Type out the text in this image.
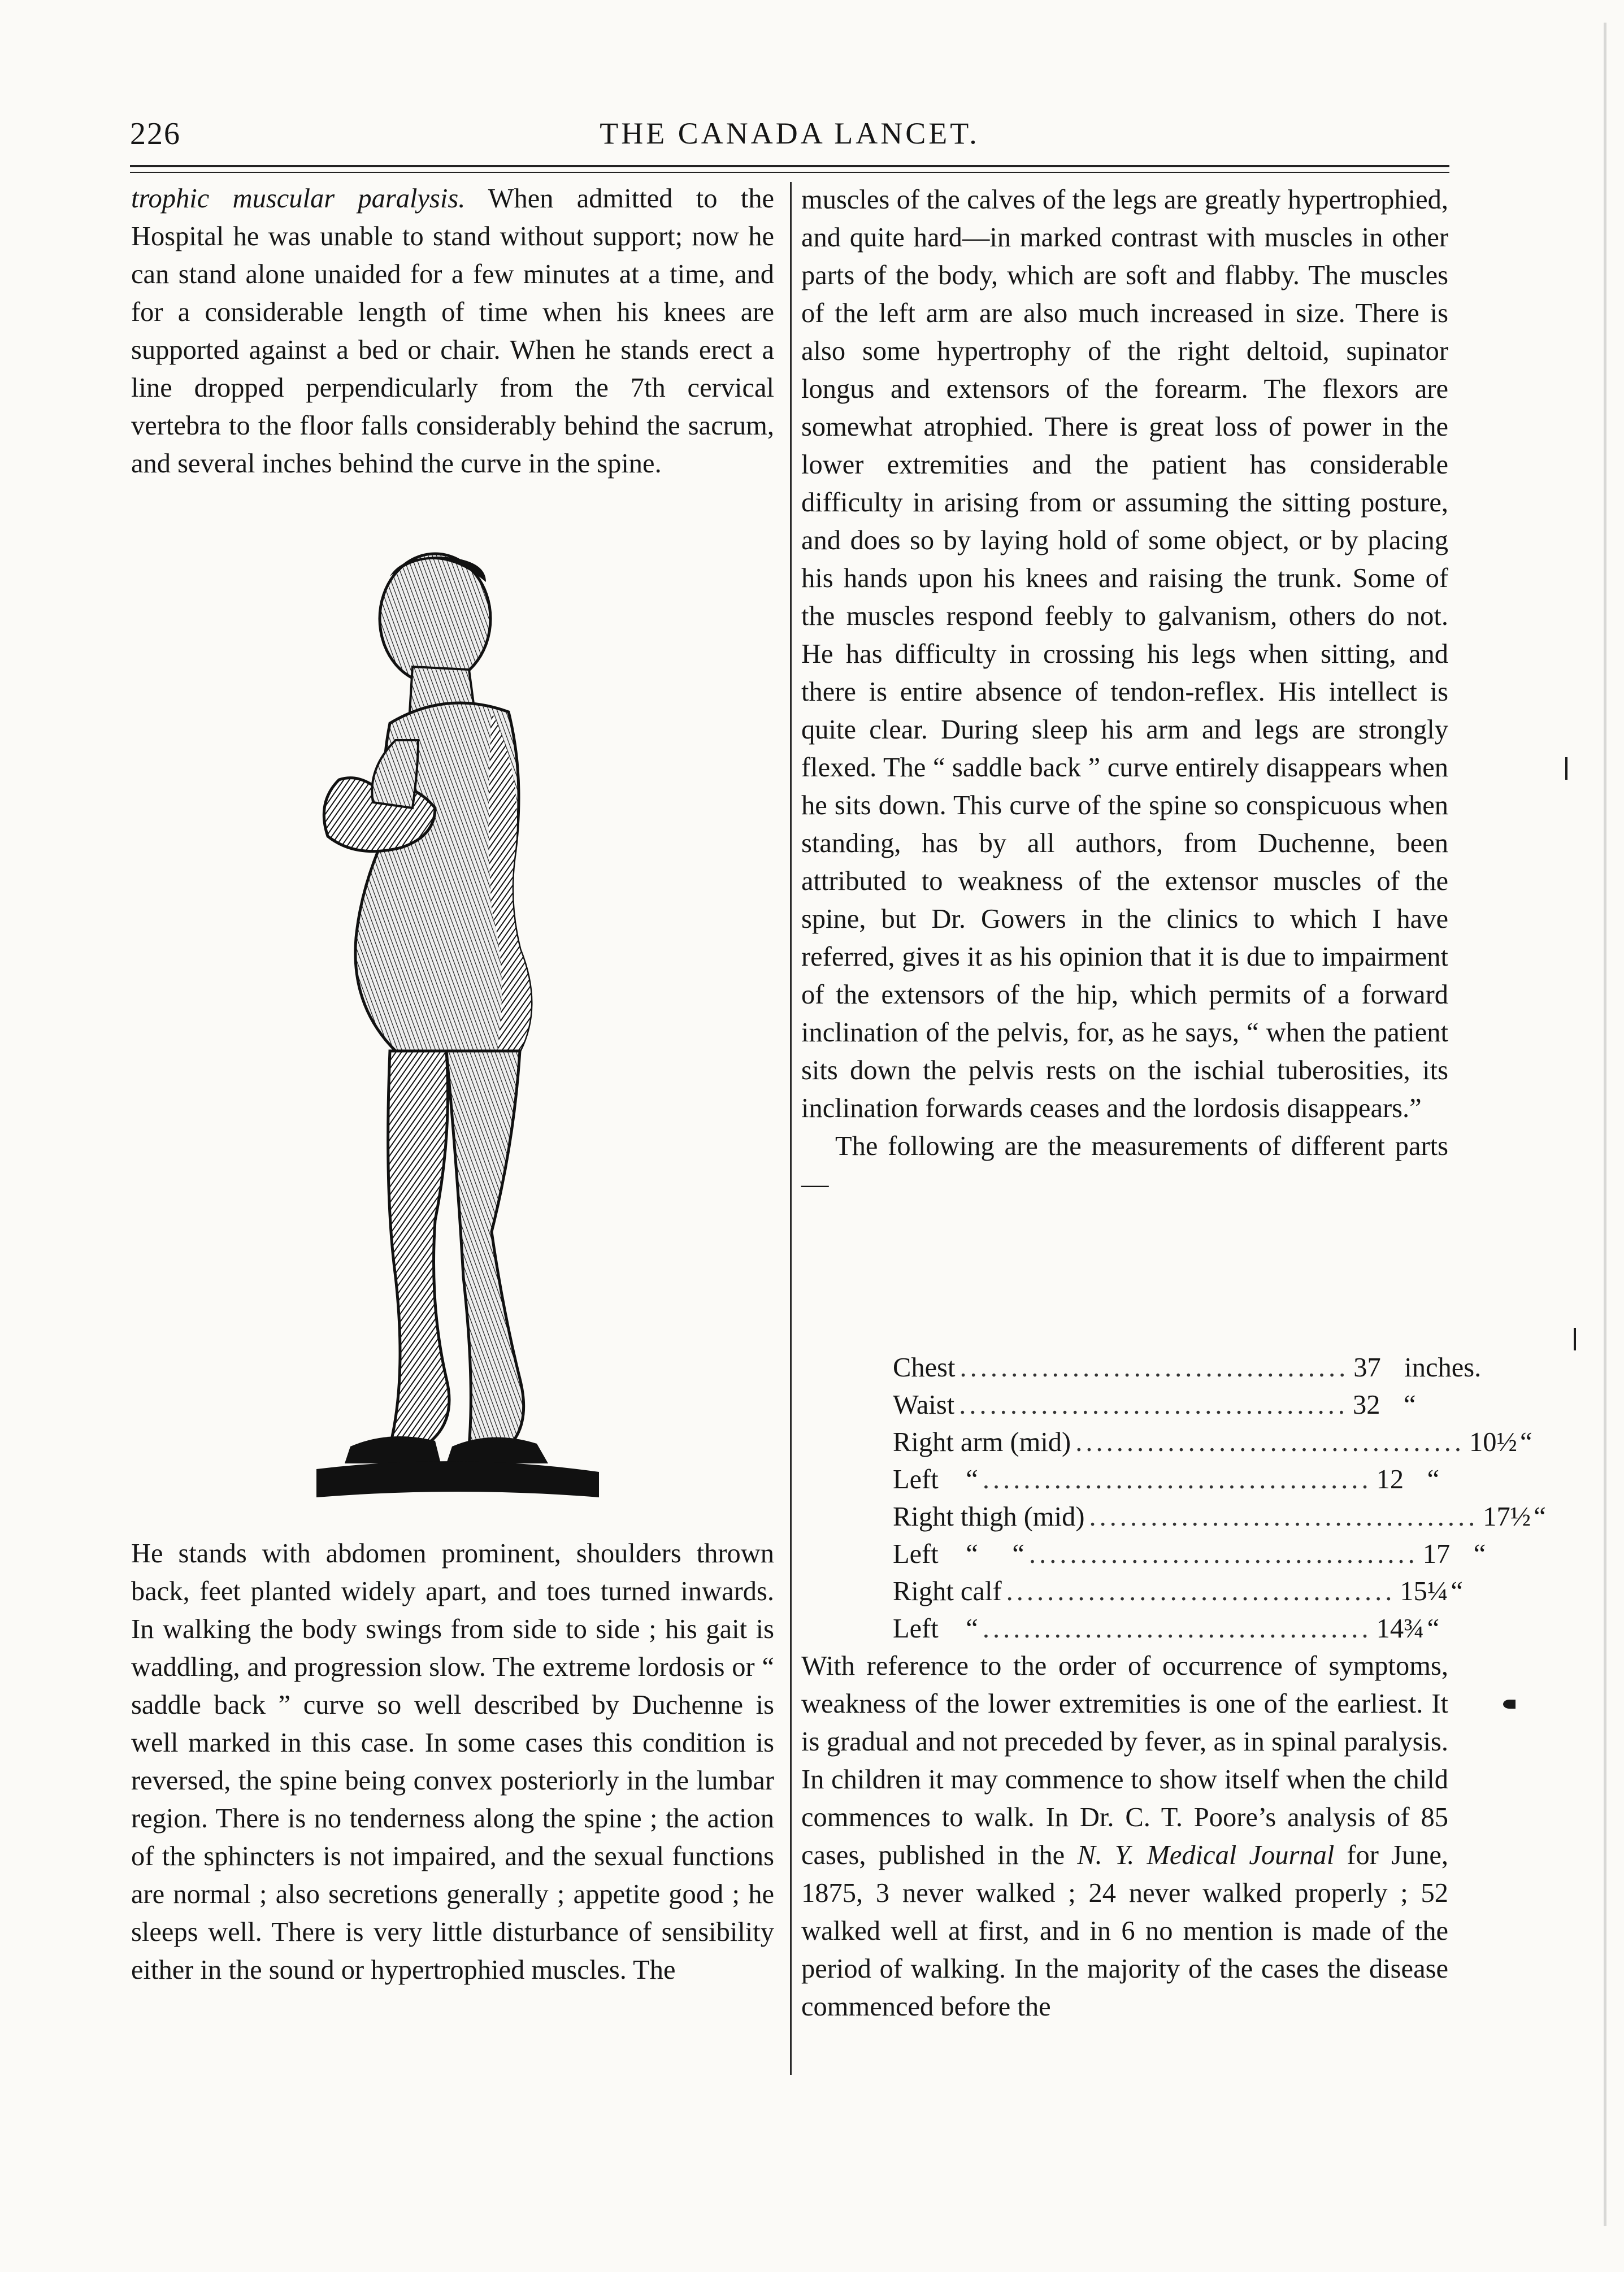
226	THE CANADA LANCET.

trophic muscular paralysis. When admitted to the Hospital he was unable to stand without support; now he can stand alone unaided for a few minutes at a time, and for a considerable length of time when his knees are supported against a bed or chair. When he stands erect a line dropped perpendicularly from the 7th cervical vertebra to the floor falls considerably behind the sacrum, and several inches behind the curve in the spine.

He stands with abdomen prominent, shoulders thrown back, feet planted widely apart, and toes turned inwards. In walking the body swings from side to side ; his gait is waddling, and progression slow. The extreme lordosis or “ saddle back ” curve so well described by Duchenne is well marked in this case. In some cases this condition is reversed, the spine being convex posteriorly in the lumbar region. There is no tenderness along the spine ; the action of the sphincters is not impaired, and the sexual functions are normal ; also secretions generally ; appetite good ; he sleeps well. There is very little disturbance of sensibility either in the sound or hypertrophied muscles. The

muscles of the calves of the legs are greatly hypertrophied, and quite hard—in marked contrast with muscles in other parts of the body, which are soft and flabby. The muscles of the left arm are also much increased in size. There is also some hypertrophy of the right deltoid, supinator longus and extensors of the forearm. The flexors are somewhat atrophied. There is great loss of power in the lower extremities and the patient has considerable difficulty in arising from or assuming the sitting posture, and does so by laying hold of some object, or by placing his hands upon his knees and raising the trunk. Some of the muscles respond feebly to galvanism, others do not. He has difficulty in crossing his legs when sitting, and there is entire absence of tendon-reflex. His intellect is quite clear. During sleep his arm and legs are strongly flexed. The “ saddle back ” curve entirely disappears when he sits down. This curve of the spine so conspicuous when standing, has by all authors, from Duchenne, been attributed to weakness of the extensor muscles of the spine, but Dr. Gowers in the clinics to which I have referred, gives it as his opinion that it is due to impairment of the extensors of the hip, which permits of a forward inclination of the pelvis, for, as he says, “ when the patient sits down the pelvis rests on the ischial tuberosities, its inclination forwards ceases and the lordosis disappears.”

The following are the measurements of different parts—

Chest ...................................... 37 inches.
Waist ...................................... 32 “
Right arm (mid) ...................................... 10½ “
Left    “ ...................................... 12 “
Right thigh (mid) ...................................... 17½ “
Left    “     “ ...................................... 17 “
Right calf ...................................... 15¼ “
Left    “ ...................................... 14¾ “

With reference to the order of occurrence of symptoms, weakness of the lower extremities is one of the earliest. It is gradual and not preceded by fever, as in spinal paralysis. In children it may commence to show itself when the child commences to walk. In Dr. C. T. Poore’s analysis of 85 cases, published in the N. Y. Medical Journal for June, 1875, 3 never walked ; 24 never walked properly ; 52 walked well at first, and in 6 no mention is made of the period of walking. In the majority of the cases the disease commenced before the
